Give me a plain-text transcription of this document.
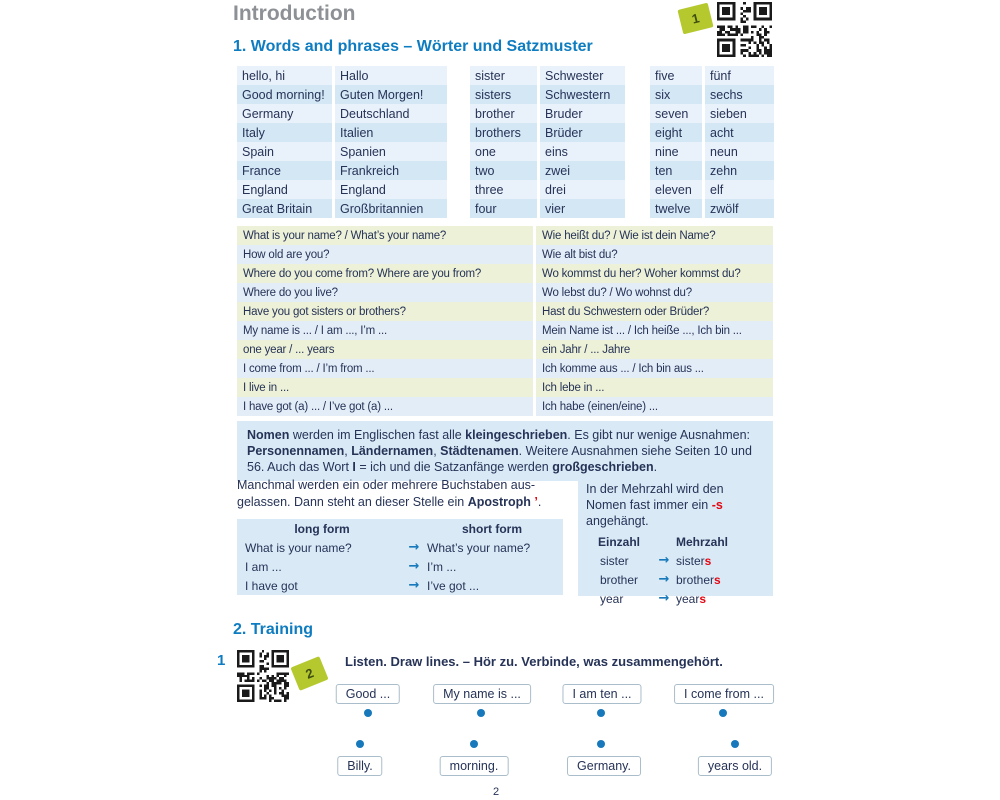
Introduction	1
1. Words and phrases – Wörter und Satzmuster
hello, hi	Hallo
Good morning!	Guten Morgen!
Germany	Deutschland
Italy	Italien
Spain	Spanien
France	Frankreich
England	England
Great Britain	Großbritannien
sister	Schwester
sisters	Schwestern
brother	Bruder
brothers	Brüder
one	eins
two	zwei
three	drei
four	vier
five	fünf
six	sechs
seven	sieben
eight	acht
nine	neun
ten	zehn
eleven	elf
twelve	zwölf
What is your name? / What’s your name?	Wie heißt du? / Wie ist dein Name?
How old are you?	Wie alt bist du?
Where do you come from? Where are you from?	Wo kommst du her? Woher kommst du?
Where do you live?	Wo lebst du? / Wo wohnst du?
Have you got sisters or brothers?	Hast du Schwestern oder Brüder?
My name is ... / I am ..., I’m ...	Mein Name ist ... / Ich heiße ..., Ich bin ...
one year / ... years	ein Jahr / ... Jahre
I come from ... / I’m from ...	Ich komme aus ... / Ich bin aus ...
I live in ...	Ich lebe in ...
I have got (a) ... / I’ve got (a) ...	Ich habe (einen/eine) ...
Nomen werden im Englischen fast alle kleingeschrieben. Es gibt nur wenige Ausnahmen: Personennamen, Ländernamen, Städtenamen. Weitere Ausnahmen siehe Seiten 10 und 56. Auch das Wort I = ich und die Satzanfänge werden großgeschrieben.
Manchmal werden ein oder mehrere Buchstaben aus-
gelassen. Dann steht an dieser Stelle ein Apostroph ’.
long form	short form
What is your name?	→ What’s your name?
I am ...	→ I’m ...
I have got	→ I’ve got ...
In der Mehrzahl wird den Nomen fast immer ein -s angehängt.
Einzahl	Mehrzahl
sister	→ sister s
brother	→ brother s
year	→ year s
2. Training
1
2
Listen. Draw lines. – Hör zu. Verbinde, was zusammengehört.
Good ...	My name is ...	I am ten ...	I come from ...
Billy.	morning.	Germany.	years old.
2
